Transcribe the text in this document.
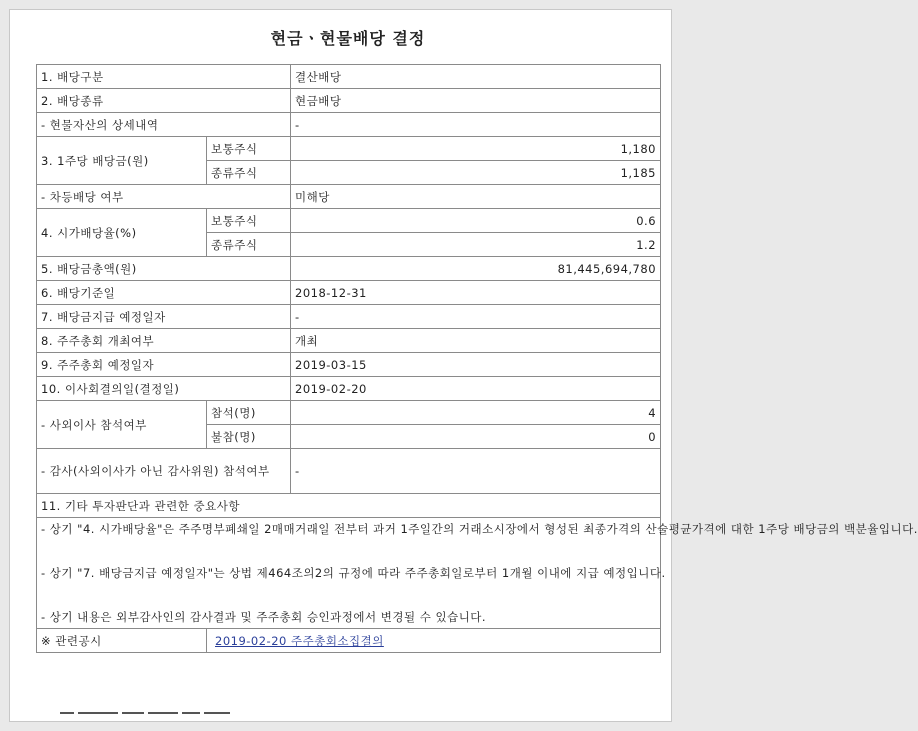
현금ㆍ현물배당 결정
1. 배당구분		결산배당
2. 배당종류		현금배당
- 현물자산의 상세내역		-
3. 1주당 배당금(원)	보통주식	1,180
	종류주식	1,185
- 차등배당 여부		미해당
4. 시가배당율(%)	보통주식	0.6
	종류주식	1.2
5. 배당금총액(원)		81,445,694,780
6. 배당기준일		2018-12-31
7. 배당금지급 예정일자		-
8. 주주총회 개최여부		개최
9. 주주총회 예정일자		2019-03-15
10. 이사회결의일(결정일)		2019-02-20
- 사외이사 참석여부	참석(명)	4
	불참(명)	0
- 감사(사외이사가 아닌 감사위원) 참석여부		-
11. 기타 투자판단과 관련한 중요사항		

- 상기 "4. 시가배당율"은 주주명부폐쇄일 2매매거래일 전부터 과거 1주일간의 거래소시장에서 형성된 최종가격의 산술평균가격에 대한 1주당 배당금의 백분율입니다.

- 상기 "7. 배당금지급 예정일자"는 상법 제464조의2의 규정에 따라 주주총회일로부터 1개월 이내에 지급 예정입니다.

- 상기 내용은 외부감사인의 감사결과 및 주주총회 승인과정에서 변경될 수 있습니다.		

※ 관련공시	2019-02-20 주주총회소집결의	
